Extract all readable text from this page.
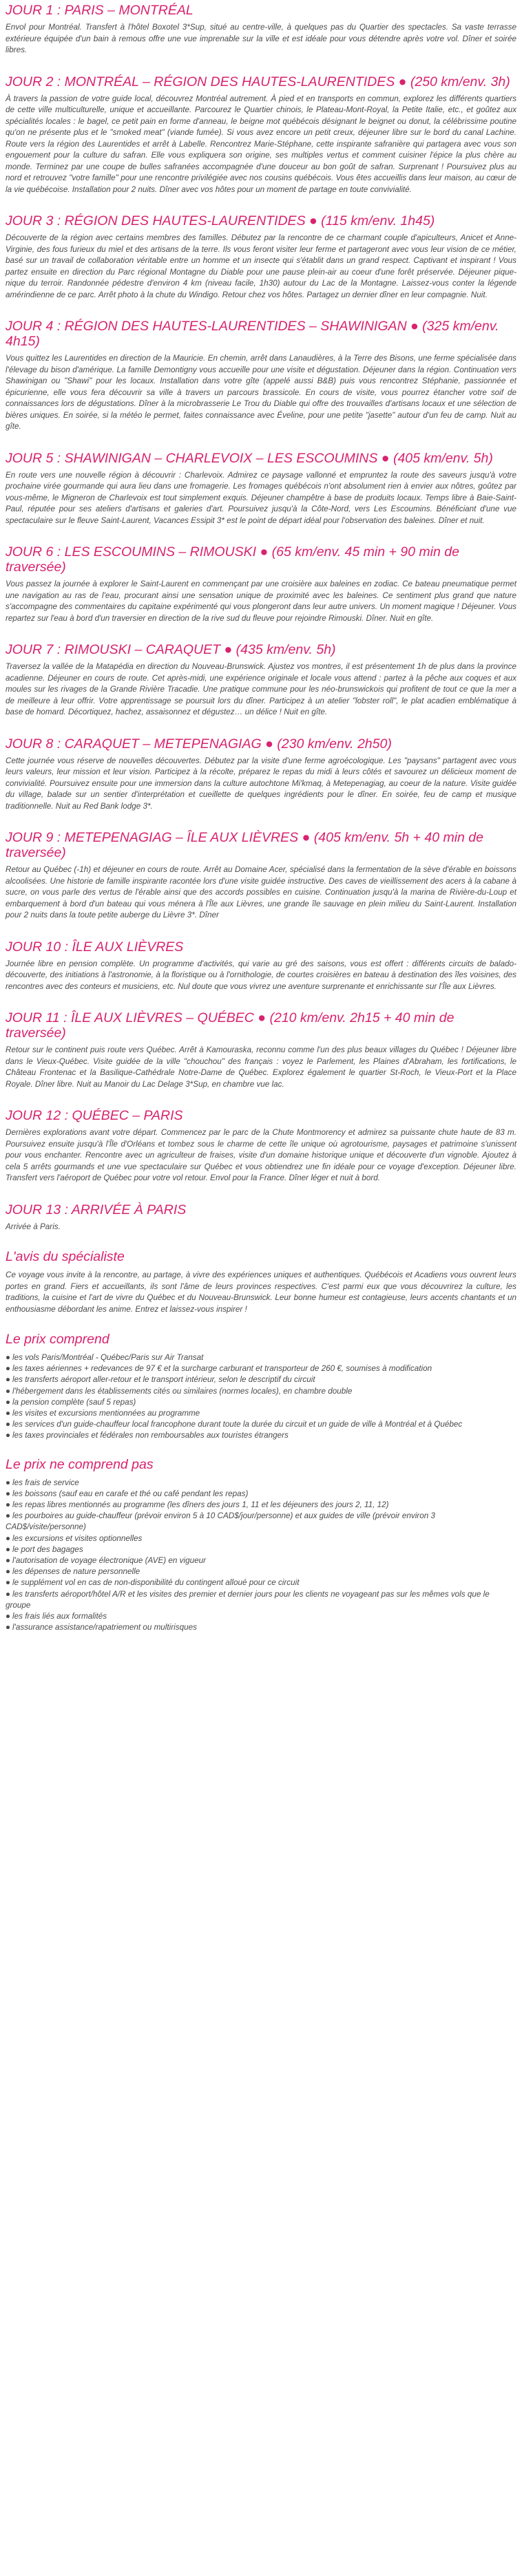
JOUR 1 : PARIS – MONTRÉAL

Envol pour Montréal. Transfert à l'hôtel Boxotel 3*Sup, situé au centre-ville, à quelques pas du Quartier des spectacles. Sa vaste terrasse extérieure équipée d'un bain à remous offre une vue imprenable sur la ville et est idéale pour vous détendre après votre vol. Dîner et soirée libres.

JOUR 2 : MONTRÉAL – RÉGION DES HAUTES-LAURENTIDES ● (250 km/env. 3h)

À travers la passion de votre guide local, découvrez Montréal autrement. À pied et en transports en commun, explorez les différents quartiers de cette ville multiculturelle, unique et accueillante. Parcourez le Quartier chinois, le Plateau-Mont-Royal, la Petite Italie, etc., et goûtez aux spécialités locales : le bagel, ce petit pain en forme d'anneau, le beigne mot québécois désignant le beignet ou donut, la célébrissime poutine qu'on ne présente plus et le "smoked meat" (viande fumée). Si vous avez encore un petit creux, déjeuner libre sur le bord du canal Lachine. Route vers la région des Laurentides et arrêt à Labelle. Rencontrez Marie-Stéphane, cette inspirante safranière qui partagera avec vous son engouement pour la culture du safran. Elle vous expliquera son origine, ses multiples vertus et comment cuisiner l'épice la plus chère au monde. Terminez par une coupe de bulles safranées accompagnée d'une douceur au bon goût de safran. Surprenant ! Poursuivez plus au nord et retrouvez "votre famille" pour une rencontre privilégiée avec nos cousins québécois. Vous êtes accueillis dans leur maison, au cœur de la vie québécoise. Installation pour 2 nuits. Dîner avec vos hôtes pour un moment de partage en toute convivialité.

JOUR 3 : RÉGION DES HAUTES-LAURENTIDES ● (115 km/env. 1h45)

Découverte de la région avec certains membres des familles. Débutez par la rencontre de ce charmant couple d'apiculteurs, Anicet et Anne-Virginie, des fous furieux du miel et des artisans de la terre. Ils vous feront visiter leur ferme et partageront avec vous leur vision de ce métier, basé sur un travail de collaboration véritable entre un homme et un insecte qui s'établit dans un grand respect. Captivant et inspirant ! Vous partez ensuite en direction du Parc régional Montagne du Diable pour une pause plein-air au coeur d'une forêt préservée. Déjeuner pique-nique du terroir. Randonnée pédestre d'environ 4 km (niveau facile, 1h30) autour du Lac de la Montagne. Laissez-vous conter la légende amérindienne de ce parc. Arrêt photo à la chute du Windigo. Retour chez vos hôtes. Partagez un dernier dîner en leur compagnie. Nuit.

JOUR 4 : RÉGION DES HAUTES-LAURENTIDES – SHAWINIGAN ● (325 km/env. 4h15)

Vous quittez les Laurentides en direction de la Mauricie. En chemin, arrêt dans Lanaudières, à la Terre des Bisons, une ferme spécialisée dans l'élevage du bison d'amérique. La famille Demontigny vous accueille pour une visite et dégustation. Déjeuner dans la région. Continuation vers Shawinigan ou "Shawi" pour les locaux. Installation dans votre gîte (appelé aussi B&B) puis vous rencontrez Stéphanie, passionnée et épicurienne, elle vous fera découvrir sa ville à travers un parcours brassicole. En cours de visite, vous pourrez étancher votre soif de connaissances lors de dégustations. Dîner à la microbrasserie Le Trou du Diable qui offre des trouvailles d'artisans locaux et une sélection de bières uniques. En soirée, si la météo le permet, faites connaissance avec Éveline, pour une petite "jasette" autour d'un feu de camp. Nuit au gîte.

JOUR 5 : SHAWINIGAN – CHARLEVOIX – LES ESCOUMINS ● (405 km/env. 5h)

En route vers une nouvelle région à découvrir : Charlevoix. Admirez ce paysage vallonné et empruntez la route des saveurs jusqu'à votre prochaine virée gourmande qui aura lieu dans une fromagerie. Les fromages québécois n'ont absolument rien à envier aux nôtres, goûtez par vous-même, le Migneron de Charlevoix est tout simplement exquis. Déjeuner champêtre à base de produits locaux. Temps libre à Baie-Saint-Paul, réputée pour ses ateliers d'artisans et galeries d'art. Poursuivez jusqu'à la Côte-Nord, vers Les Escoumins. Bénéficiant d'une vue spectaculaire sur le fleuve Saint-Laurent, Vacances Essipit 3* est le point de départ idéal pour l'observation des baleines. Dîner et nuit.

JOUR 6 : LES ESCOUMINS – RIMOUSKI ● (65 km/env. 45 min + 90 min de traversée)

Vous passez la journée à explorer le Saint-Laurent en commençant par une croisière aux baleines en zodiac. Ce bateau pneumatique permet une navigation au ras de l'eau, procurant ainsi une sensation unique de proximité avec les baleines. Ce sentiment plus grand que nature s'accompagne des commentaires du capitaine expérimenté qui vous plongeront dans leur autre univers. Un moment magique ! Déjeuner. Vous repartez sur l'eau à bord d'un traversier en direction de la rive sud du fleuve pour rejoindre Rimouski. Dîner. Nuit en gîte.

JOUR 7 : RIMOUSKI – CARAQUET ● (435 km/env. 5h)

Traversez la vallée de la Matapédia en direction du Nouveau-Brunswick. Ajustez vos montres, il est présentement 1h de plus dans la province acadienne. Déjeuner en cours de route. Cet après-midi, une expérience originale et locale vous attend : partez à la pêche aux coques et aux moules sur les rivages de la Grande Rivière Tracadie. Une pratique commune pour les néo-brunswickois qui profitent de tout ce que la mer a de meilleure à leur offrir. Votre apprentissage se poursuit lors du dîner. Participez à un atelier "lobster roll", le plat acadien emblématique à base de homard. Décortiquez, hachez, assaisonnez et dégustez… un délice ! Nuit en gîte.

JOUR 8 : CARAQUET – METEPENAGIAG ● (230 km/env. 2h50)

Cette journée vous réserve de nouvelles découvertes. Débutez par la visite d'une ferme agroécologique. Les "paysans" partagent avec vous leurs valeurs, leur mission et leur vision. Participez à la récolte, préparez le repas du midi à leurs côtés et savourez un délicieux moment de convivialité. Poursuivez ensuite pour une immersion dans la culture autochtone Mi'kmaq, à Metepenagiag, au coeur de la nature. Visite guidée du village, balade sur un sentier d'interprétation et cueillette de quelques ingrédients pour le dîner. En soirée, feu de camp et musique traditionnelle. Nuit au Red Bank lodge 3*.

JOUR 9 : METEPENAGIAG – ÎLE AUX LIÈVRES ● (405 km/env. 5h + 40 min de traversée)

Retour au Québec (-1h) et déjeuner en cours de route. Arrêt au Domaine Acer, spécialisé dans la fermentation de la sève d'érable en boissons alcoolisées. Une historie de famille inspirante racontée lors d'une visite guidée instructive. Des caves de vieillissement des acers à la cabane à sucre, on vous parle des vertus de l'érable ainsi que des accords possibles en cuisine. Continuation jusqu'à la marina de Rivière-du-Loup et embarquement à bord d'un bateau qui vous ménera à l'Île aux Lièvres, une grande île sauvage en plein milieu du Saint-Laurent. Installation pour 2 nuits dans la toute petite auberge du Lièvre 3*. Dîner

JOUR 10 : ÎLE AUX LIÈVRES

Journée libre en pension complète. Un programme d'activités, qui varie au gré des saisons, vous est offert : différents circuits de balado-découverte, des initiations à l'astronomie, à la floristique ou à l'ornithologie, de courtes croisières en bateau à destination des îles voisines, des rencontres avec des conteurs et musiciens, etc. Nul doute que vous vivrez une aventure surprenante et enrichissante sur l'Île aux Lièvres.

JOUR 11 : ÎLE AUX LIÈVRES – QUÉBEC ● (210 km/env. 2h15 + 40 min de traversée)

Retour sur le continent puis route vers Québec. Arrêt à Kamouraska, reconnu comme l'un des plus beaux villages du Québec ! Déjeuner libre dans le Vieux-Québec. Visite guidée de la ville "chouchou" des français : voyez le Parlement, les Plaines d'Abraham, les fortifications, le Château Frontenac et la Basilique-Cathédrale Notre-Dame de Québec. Explorez également le quartier St-Roch, le Vieux-Port et la Place Royale. Dîner libre. Nuit au Manoir du Lac Delage 3*Sup, en chambre vue lac.

JOUR 12 : QUÉBEC – PARIS

Dernières explorations avant votre départ. Commencez par le parc de la Chute Montmorency et admirez sa puissante chute haute de 83 m. Poursuivez ensuite jusqu'à l'Île d'Orléans et tombez sous le charme de cette île unique où agrotourisme, paysages et patrimoine s'unissent pour vous enchanter. Rencontre avec un agriculteur de fraises, visite d'un domaine historique unique et découverte d'un vignoble. Ajoutez à cela 5 arrêts gourmands et une vue spectaculaire sur Québec et vous obtiendrez une fin idéale pour ce voyage d'exception. Déjeuner libre. Transfert vers l'aéroport de Québec pour votre vol retour. Envol pour la France. Dîner léger et nuit à bord.

JOUR 13 : ARRIVÉE À PARIS

Arrivée à Paris.

L'avis du spécialiste

Ce voyage vous invite à la rencontre, au partage, à vivre des expériences uniques et authentiques. Québécois et Acadiens vous ouvrent leurs portes en grand. Fiers et accueillants, ils sont l'âme de leurs provinces respectives. C'est parmi eux que vous découvrirez la culture, les traditions, la cuisine et l'art de vivre du Québec et du Nouveau-Brunswick. Leur bonne humeur est contagieuse, leurs accents chantants et un enthousiasme débordant les anime. Entrez et laissez-vous inspirer !

Le prix comprend
● les vols Paris/Montréal - Québec/Paris sur Air Transat
● les taxes aériennes + redevances de 97 € et la surcharge carburant et transporteur de 260 €, soumises à modification
● les transferts aéroport aller-retour et le transport intérieur, selon le descriptif du circuit
● l'hébergement dans les établissements cités ou similaires (normes locales), en chambre double
● la pension complète (sauf 5 repas)
● les visites et excursions mentionnées au programme
● les services d'un guide-chauffeur local francophone durant toute la durée du circuit et un guide de ville à Montréal et à Québec
● les taxes provinciales et fédérales non remboursables aux touristes étrangers
Le prix ne comprend pas
● les frais de service
● les boissons (sauf eau en carafe et thé ou café pendant les repas)
● les repas libres mentionnés au programme (les dîners des jours 1, 11 et les déjeuners des jours 2, 11, 12)
● les pourboires au guide-chauffeur (prévoir environ 5 à 10 CAD$/jour/personne) et aux guides de ville (prévoir environ 3 CAD$/visite/personne)
● les excursions et visites optionnelles
● le port des bagages
● l'autorisation de voyage électronique (AVE) en vigueur
● les dépenses de nature personnelle
● le supplément vol en cas de non-disponibilité du contingent alloué pour ce circuit
● les transferts aéroport/hôtel A/R et les visites des premier et dernier jours pour les clients ne voyageant pas sur les mêmes vols que le groupe
● les frais liés aux formalités
● l'assurance assistance/rapatriement ou multirisques
